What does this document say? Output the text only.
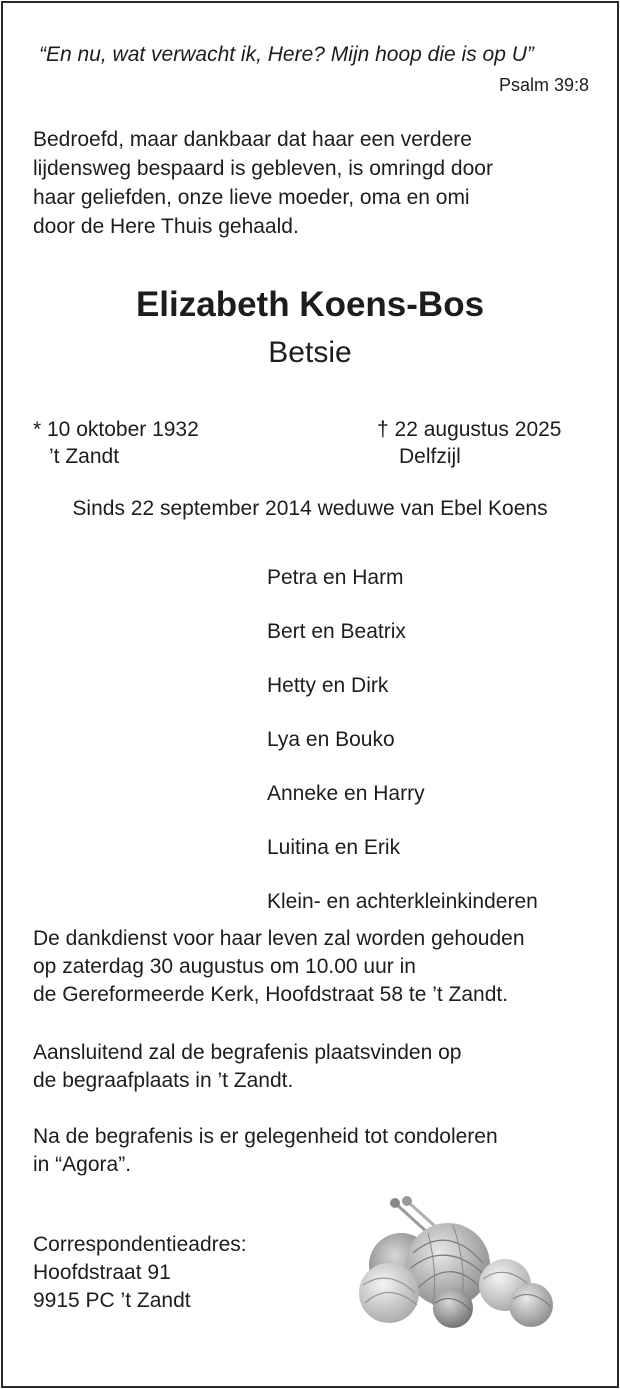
“En nu, wat verwacht ik, Here? Mijn hoop die is op U”
Psalm 39:8
Bedroefd, maar dankbaar dat haar een verdere
lijdensweg bespaard is gebleven, is omringd door
haar geliefden, onze lieve moeder, oma en omi
door de Here Thuis gehaald.
Elizabeth Koens-Bos
Betsie
* 10 oktober 1932
’t Zandt
† 22 augustus 2025
Delfzijl
Sinds 22 september 2014 weduwe van Ebel Koens
Petra en Harm
Bert en Beatrix
Hetty en Dirk
Lya en Bouko
Anneke en Harry
Luitina en Erik
Klein- en achterkleinkinderen
De dankdienst voor haar leven zal worden gehouden
op zaterdag 30 augustus om 10.00 uur in
de Gereformeerde Kerk, Hoofdstraat 58 te ’t Zandt.
Aansluitend zal de begrafenis plaatsvinden op
de begraafplaats in ’t Zandt.
Na de begrafenis is er gelegenheid tot condoleren
in “Agora”.
Correspondentieadres:
Hoofdstraat 91
9915 PC ’t Zandt
